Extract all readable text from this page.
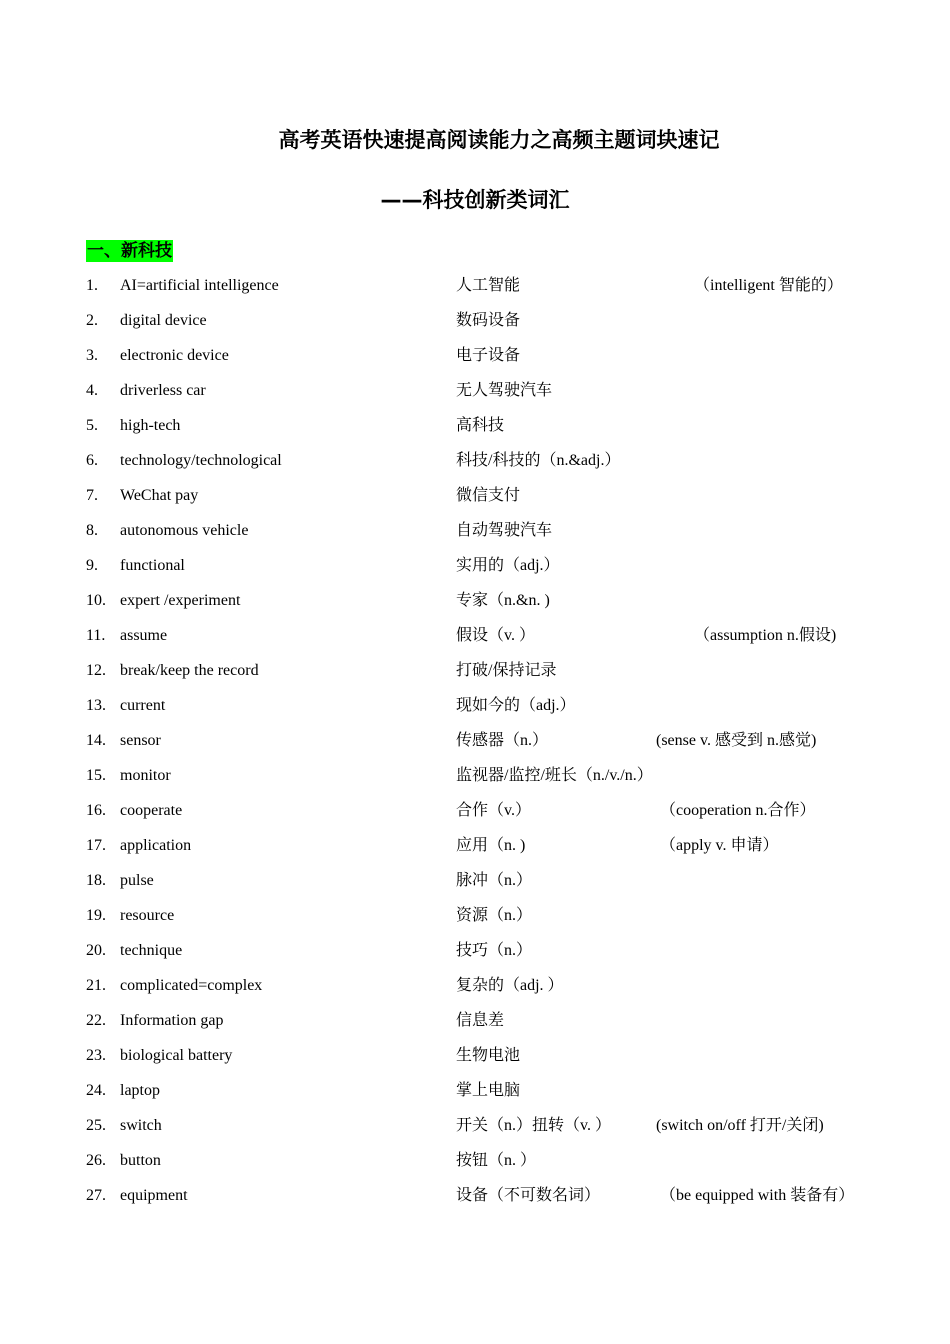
高考英语快速提高阅读能力之高频主题词块速记
——科技创新类词汇
一、新科技
1. AI=artificial intelligence	人工智能	（intelligent 智能的）
2. digital device	数码设备
3. electronic device	电子设备
4. driverless car	无人驾驶汽车
5. high-tech	高科技
6. technology/technological	科技/科技的（n.&adj.）
7. WeChat pay	微信支付
8. autonomous vehicle	自动驾驶汽车
9. functional	实用的（adj.）
10. expert /experiment	专家（n.&n. )
11. assume	假设（v. ）	（assumption n.假设)
12. break/keep the record	打破/保持记录
13. current	现如今的（adj.）
14. sensor	传感器（n.）	(sense v. 感受到 n.感觉)
15. monitor	监视器/监控/班长（n./v./n.）
16. cooperate	合作（v.）	（cooperation n.合作）
17. application	应用（n. )	（apply v. 申请）
18. pulse	脉冲（n.）
19. resource	资源（n.）
20. technique	技巧（n.）
21. complicated=complex	复杂的（adj. ）
22. Information gap	信息差
23. biological battery	生物电池
24. laptop	掌上电脑
25. switch	开关（n.）扭转（v. ）	(switch on/off 打开/关闭)
26. button	按钮（n. ）
27. equipment	设备（不可数名词）	（be equipped with 装备有）
